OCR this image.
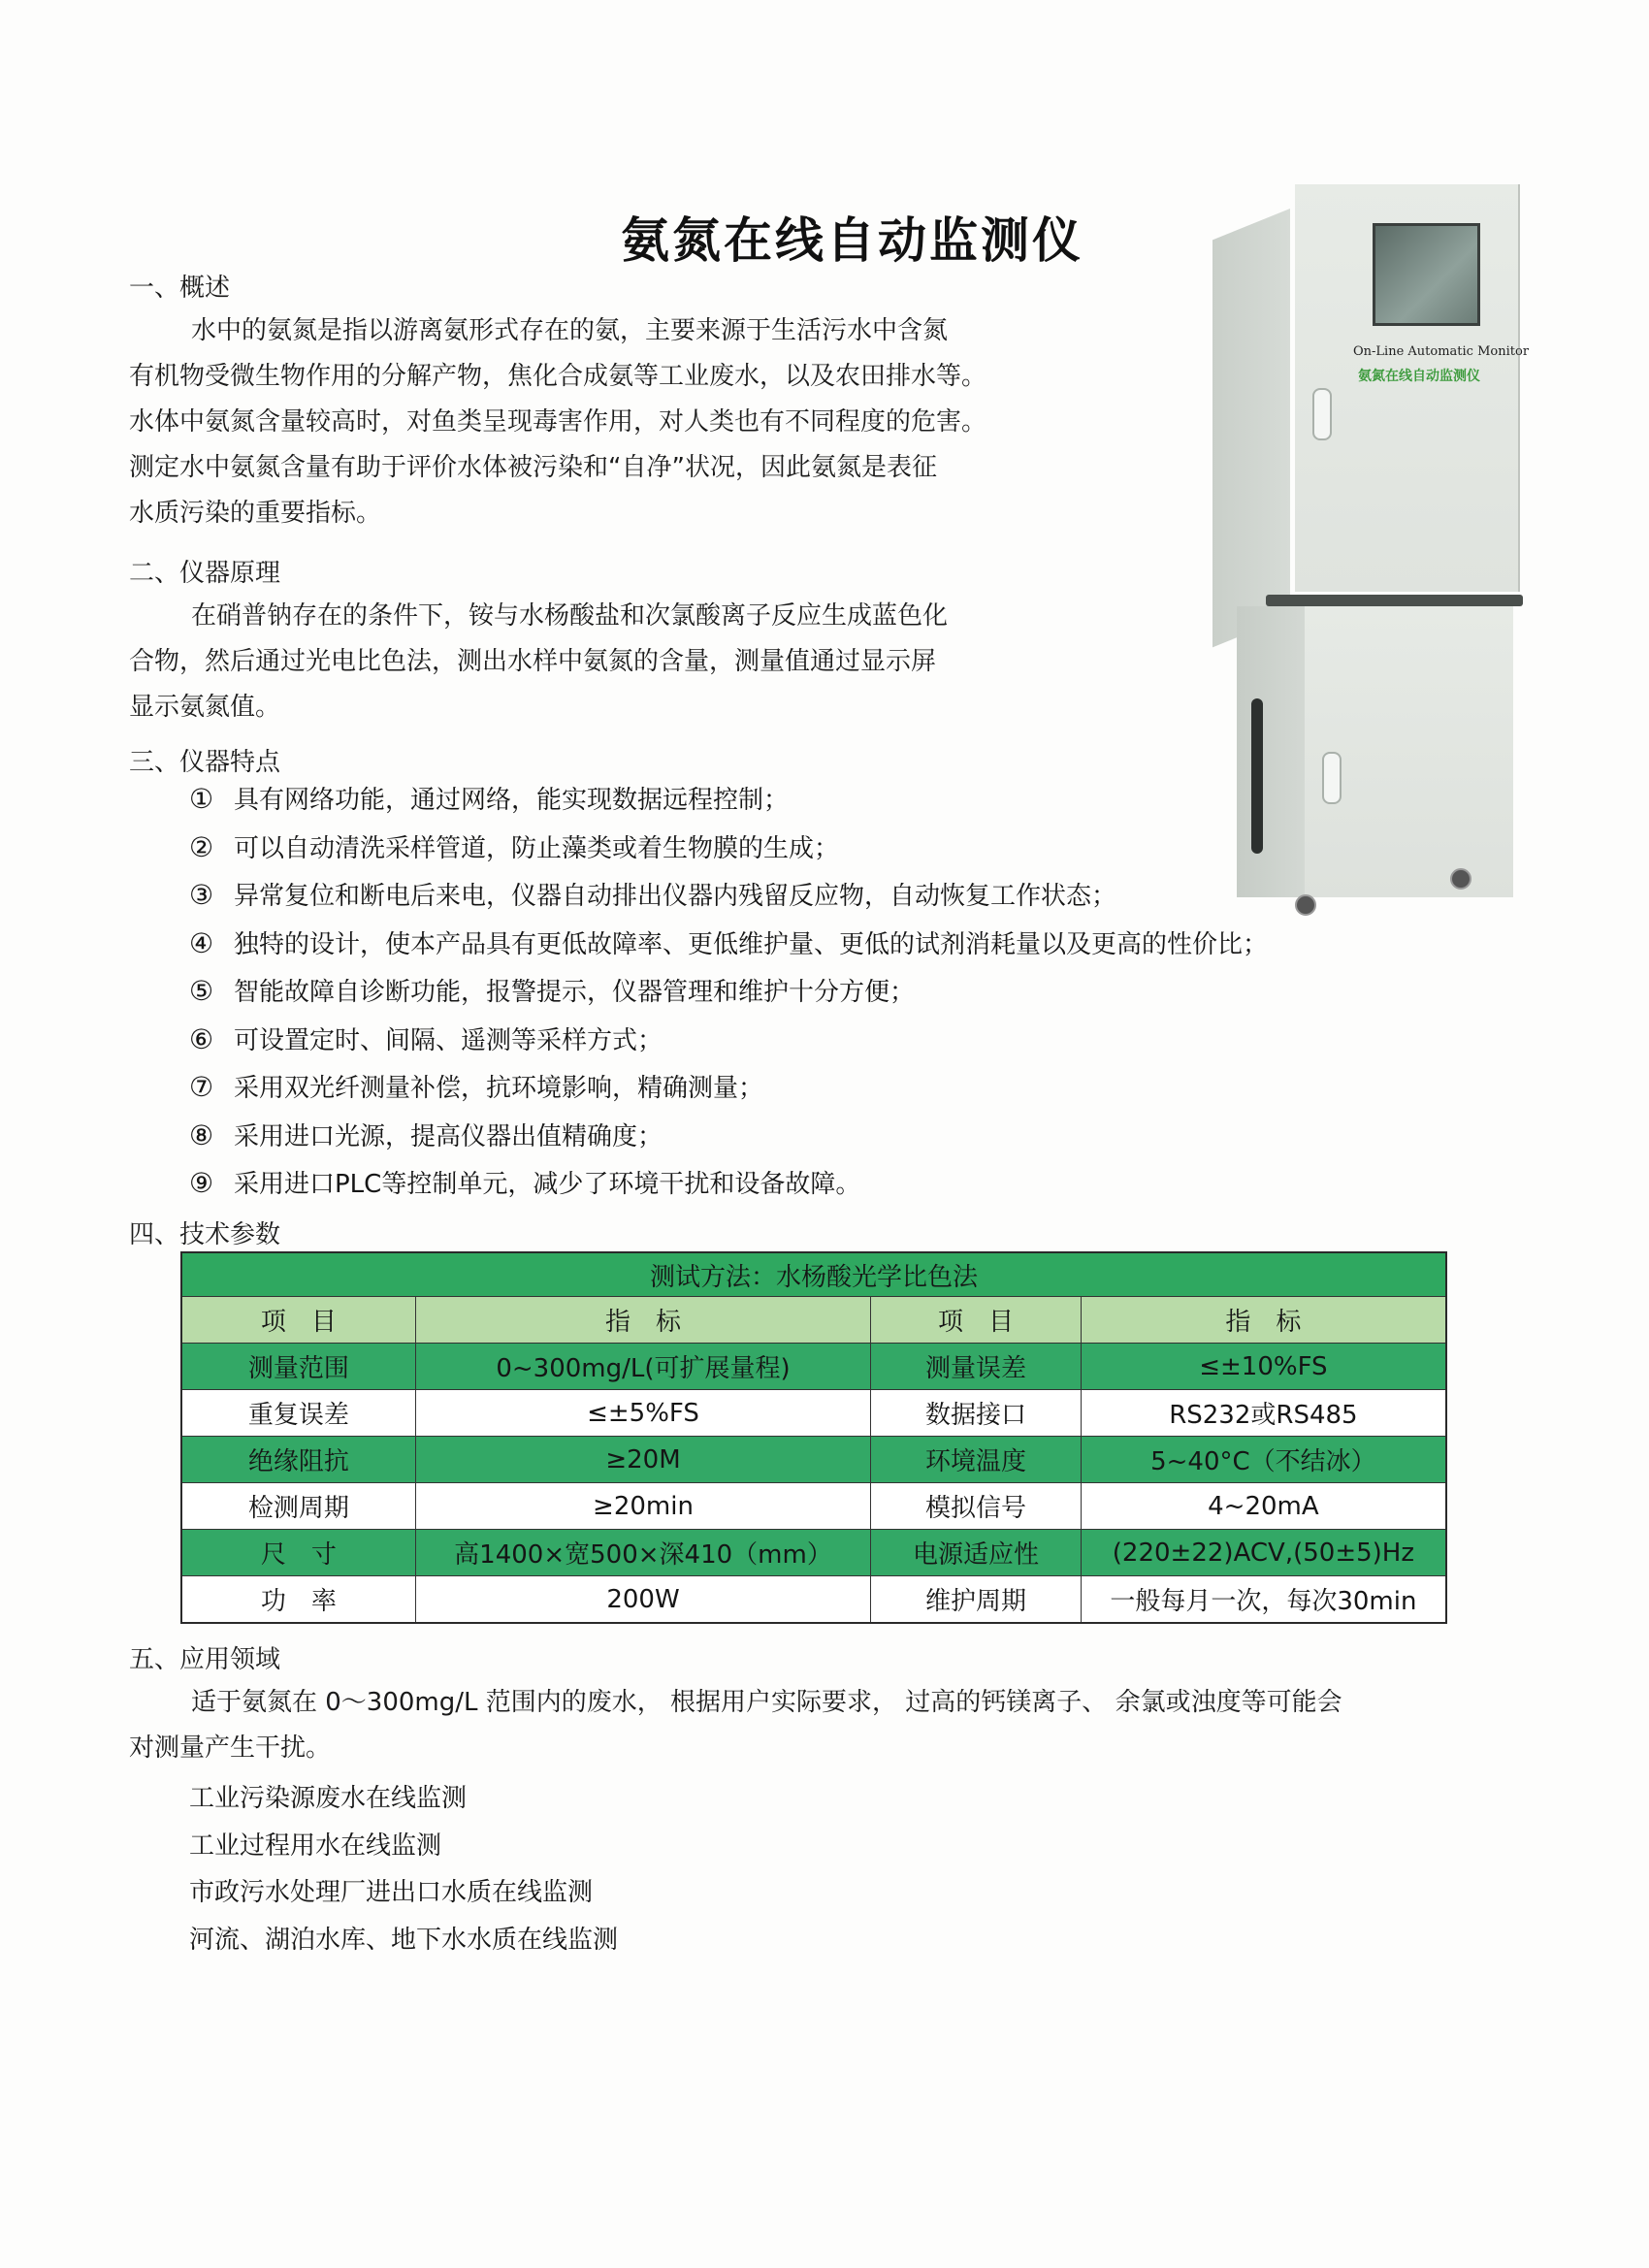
氨氮在线自动监测仪
一、概述

水中的氨氮是指以游离氨形式存在的氨，主要来源于生活污水中含氮

有机物受微生物作用的分解产物，焦化合成氨等工业废水，以及农田排水等。

水体中氨氮含量较高时，对鱼类呈现毒害作用，对人类也有不同程度的危害。

测定水中氨氮含量有助于评价水体被污染和“自净”状况，因此氨氮是表征

水质污染的重要指标。

二、仪器原理

在硝普钠存在的条件下，铵与水杨酸盐和次氯酸离子反应生成蓝色化

合物，然后通过光电比色法，测出水样中氨氮的含量，测量值通过显示屏

显示氨氮值。

三、仪器特点
① 具有网络功能，通过网络，能实现数据远程控制；
② 可以自动清洗采样管道，防止藻类或着生物膜的生成；
③ 异常复位和断电后来电，仪器自动排出仪器内残留反应物，自动恢复工作状态；
④ 独特的设计，使本产品具有更低故障率、更低维护量、更低的试剂消耗量以及更高的性价比；
⑤ 智能故障自诊断功能，报警提示，仪器管理和维护十分方便；
⑥ 可设置定时、间隔、遥测等采样方式；
⑦ 采用双光纤测量补偿，抗环境影响，精确测量；
⑧ 采用进口光源，提高仪器出值精确度；
⑨ 采用进口PLC等控制单元，减少了环境干扰和设备故障。
On-Line Automatic Monitor
氨氮在线自动监测仪
四、技术参数
测试方法：水杨酸光学比色法			
项　目	指　标	项　目	指　标
测量范围	0~300mg/L(可扩展量程)	测量误差	≤±10%FS
重复误差	≤±5%FS	数据接口	RS232或RS485
绝缘阻抗	≥20M	环境温度	5~40°C（不结冰）
检测周期	≥20min	模拟信号	4~20mA
尺　寸	高1400×宽500×深410（mm）	电源适应性	(220±22)ACV,(50±5)Hz
功　率	200W	维护周期	一般每月一次，每次30min
五、应用领域

适于氨氮在 0～300mg/L 范围内的废水， 根据用户实际要求， 过高的钙镁离子、 余氯或浊度等可能会

对测量产生干扰。

工业污染源废水在线监测
工业过程用水在线监测
市政污水处理厂进出口水质在线监测
河流、湖泊水库、地下水水质在线监测
